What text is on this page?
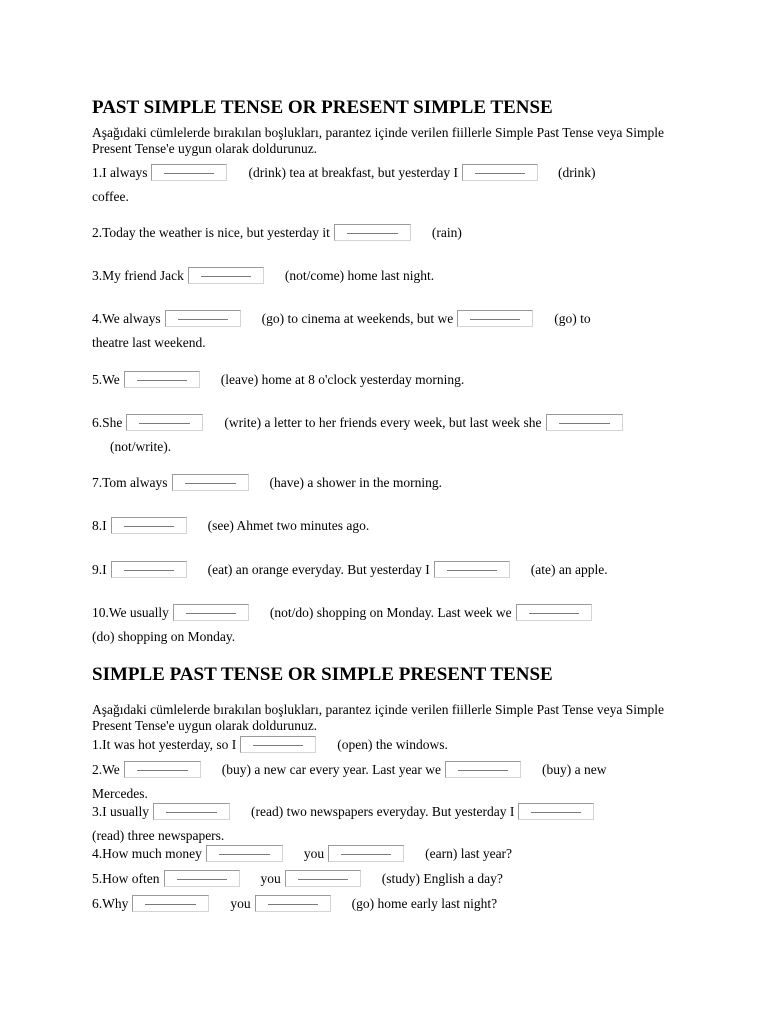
PAST SIMPLE TENSE OR PRESENT SIMPLE TENSE

Aşağıdaki cümlelerde bırakılan boşlukları, parantez içinde verilen fiillerle Simple Past Tense veya Simple Present Tense'e uygun olarak doldurunuz.

1.I always	(drink) tea at breakfast, but yesterday I	(drink)
coffee.
2.Today the weather is nice, but yesterday it	(rain)
3.My friend Jack	(not/come) home last night.
4.We always	(go) to cinema at weekends, but we	(go) to
theatre last weekend.
5.We	(leave) home at 8 o'clock yesterday morning.
6.She	(write) a letter to her friends every week, but last week she
(not/write).
7.Tom always	(have) a shower in the morning.
8.I	(see) Ahmet two minutes ago.
9.I	(eat) an orange everyday. But yesterday I	(ate) an apple.
10.We usually	(not/do) shopping on Monday. Last week we
(do) shopping on Monday.
SIMPLE PAST TENSE OR SIMPLE PRESENT TENSE

Aşağıdaki cümlelerde bırakılan boşlukları, parantez içinde verilen fiillerle Simple Past Tense veya Simple Present Tense'e uygun olarak doldurunuz.

1.It was hot yesterday, so I	(open) the windows.
2.We	(buy) a new car every year. Last year we	(buy) a new
Mercedes.
3.I usually	(read) two newspapers everyday. But yesterday I
(read) three newspapers.
4.How much money	you	(earn) last year?
5.How often	you	(study) English a day?
6.Why	you	(go) home early last night?
